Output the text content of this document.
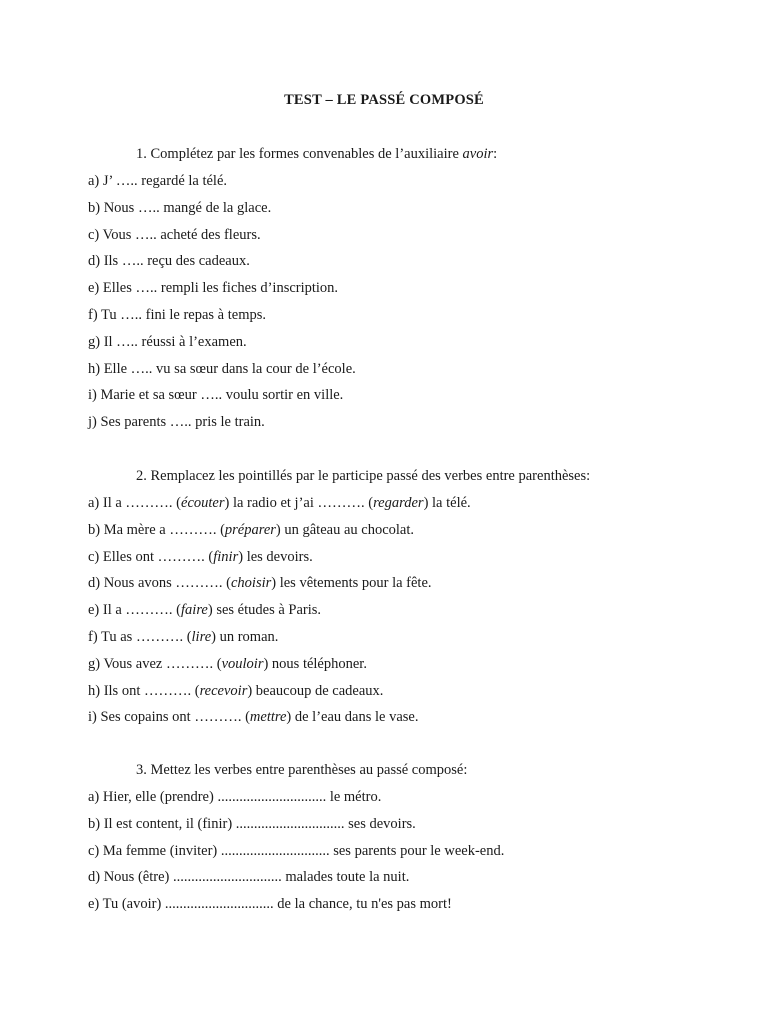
TEST – LE PASSÉ COMPOSÉ
1. Complétez par les formes convenables de l’auxiliaire avoir:
a) J’ ….. regardé la télé.
b) Nous ….. mangé de la glace.
c) Vous ….. acheté des fleurs.
d) Ils ….. reçu des cadeaux.
e) Elles ….. rempli les fiches d’inscription.
f) Tu ….. fini le repas à temps.
g) Il ….. réussi à l’examen.
h) Elle ….. vu sa sœur dans la cour de l’école.
i) Marie et sa sœur ….. voulu sortir en ville.
j) Ses parents ….. pris le train.
2. Remplacez les pointillés par le participe passé des verbes entre parenthèses:
a) Il a ………. (écouter) la radio et j’ai ………. (regarder) la télé.
b) Ma mère a ………. (préparer) un gâteau au chocolat.
c) Elles ont ………. (finir) les devoirs.
d) Nous avons ………. (choisir) les vêtements pour la fête.
e) Il a ………. (faire) ses études à Paris.
f) Tu as ………. (lire) un roman.
g) Vous avez ………. (vouloir) nous téléphoner.
h) Ils ont ………. (recevoir) beaucoup de cadeaux.
i) Ses copains ont ………. (mettre) de l’eau dans le vase.
3. Mettez les verbes entre parenthèses au passé composé:
a) Hier, elle (prendre) .............................. le métro.
b) Il est content, il (finir) .............................. ses devoirs.
c) Ma femme (inviter) .............................. ses parents pour le week-end.
d) Nous (être) .............................. malades toute la nuit.
e) Tu (avoir) .............................. de la chance, tu n'es pas mort!
